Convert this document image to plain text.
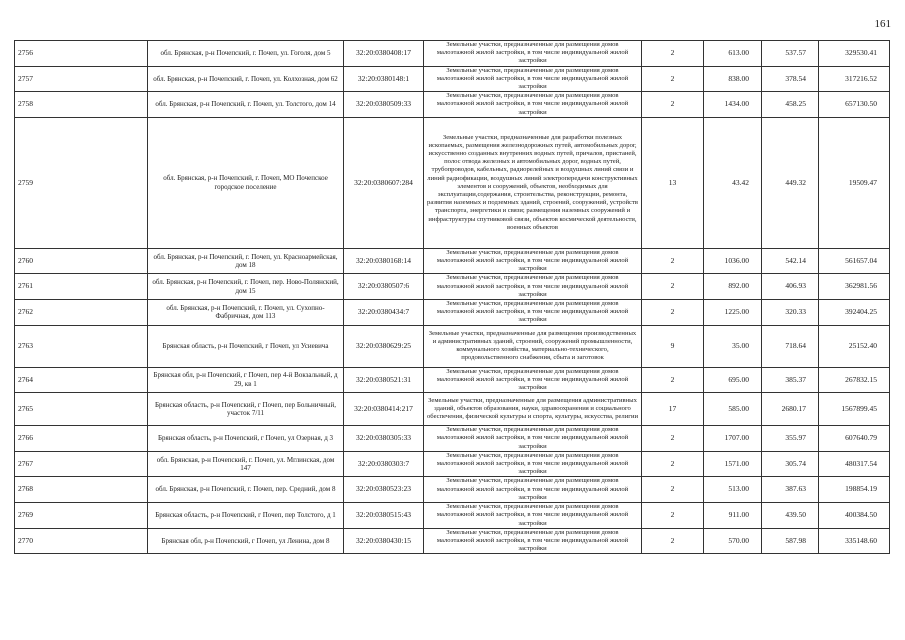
161
2756	обл. Брянская, р-н Почепский, г. Почеп, ул. Гоголя, дом 5	32:20:0380408:17	Земельные участки, предназначенные для размещения домов малоэтажной жилой застройки, в том числе индивидуальной жилой застройки	2	613.00	537.57	329530.41
2757	обл. Брянская, р-н Почепский, г. Почеп, ул. Колхозная, дом 62	32:20:0380148:1	Земельные участки, предназначенные для размещения домов малоэтажной жилой застройки, в том числе индивидуальной жилой застройки	2	838.00	378.54	317216.52
2758	обл. Брянская, р-н Почепский, г. Почеп, ул. Толстого, дом 14	32:20:0380509:33	Земельные участки, предназначенные для размещения домов малоэтажной жилой застройки, в том числе индивидуальной жилой застройки	2	1434.00	458.25	657130.50
2759	обл. Брянская, р-н Почепский, г. Почеп, МО Почепское городское поселение	32:20:0380607:284	Земельные участки, предназначенные для разработки полезных ископаемых, размещения железнодорожных путей, автомобильных дорог, искусственно созданных внутренних водных путей, причалов, пристаней, полос отвода железных и автомобильных дорог, водных путей, трубопроводов, кабельных, радиорелейных и воздушных линий связи и линий радиофикации, воздушных линий электропередачи конструктивных элементов и сооружений, объектов, необходимых для эксплуатации,содержания, строительства, реконструкции, ремонта, развития наземных и подземных зданий, строений, сооружений, устройств транспорта, энергетики и связи; размещения наземных сооружений и инфраструктуры спутниковой связи, объектов космической деятельности, военных объектов	13	43.42	449.32	19509.47
2760	обл. Брянская, р-н Почепский, г. Почеп, ул. Красноармейская, дом 18	32:20:0380168:14	Земельные участки, предназначенные для размещения домов малоэтажной жилой застройки, в том числе индивидуальной жилой застройки	2	1036.00	542.14	561657.04
2761	обл. Брянская, р-н Почепский, г. Почеп, пер. Ново-Полянский, дом 15	32:20:0380507:6	Земельные участки, предназначенные для размещения домов малоэтажной жилой застройки, в том числе индивидуальной жилой застройки	2	892.00	406.93	362981.56
2762	обл. Брянская, р-н Почепский, г. Почеп, ул. Сухопно-Фабричная, дом 113	32:20:0380434:7	Земельные участки, предназначенные для размещения домов малоэтажной жилой застройки, в том числе индивидуальной жилой застройки	2	1225.00	320.33	392404.25
2763	Брянская область, р-н Почепский, г Почеп, ул Усиевича	32:20:0380629:25	Земельные участки, предназначенные для размещения производственных и административных зданий, строений, сооружений промышленности, коммунального хозяйства, материально-технического, продовольственного снабжения, сбыта и заготовок	9	35.00	718.64	25152.40
2764	Брянская обл, р-н Почепский, г Почеп, пер 4-й Вокзальный, д 29, кв 1	32:20:0380521:31	Земельные участки, предназначенные для размещения домов малоэтажной жилой застройки, в том числе индивидуальной жилой застройки	2	695.00	385.37	267832.15
2765	Брянская область, р-н Почепский, г Почеп, пер Больничный, участок 7/11	32:20:0380414:217	Земельные участки, предназначенные для размещения административных зданий, объектов образования, науки, здравоохранения и социального обеспечения, физической культуры и спорта, культуры, искусства, религии	17	585.00	2680.17	1567899.45
2766	Брянская область, р-н Почепский, г Почеп, ул Озерная, д 3	32:20:0380305:33	Земельные участки, предназначенные для размещения домов малоэтажной жилой застройки, в том числе индивидуальной жилой застройки	2	1707.00	355.97	607640.79
2767	обл. Брянская, р-н Почепский, г. Почеп, ул. Мглинская, дом 147	32:20:0380303:7	Земельные участки, предназначенные для размещения домов малоэтажной жилой застройки, в том числе индивидуальной жилой застройки	2	1571.00	305.74	480317.54
2768	обл. Брянская, р-н Почепский, г. Почеп, пер. Средний, дом 8	32:20:0380523:23	Земельные участки, предназначенные для размещения домов малоэтажной жилой застройки, в том числе индивидуальной жилой застройки	2	513.00	387.63	198854.19
2769	Брянская область, р-н Почепский, г Почеп, пер Толстого, д 1	32:20:0380515:43	Земельные участки, предназначенные для размещения домов малоэтажной жилой застройки, в том числе индивидуальной жилой застройки	2	911.00	439.50	400384.50
2770	Брянская обл, р-н Почепский, г Почеп, ул Ленина, дом 8	32:20:0380430:15	Земельные участки, предназначенные для размещения домов малоэтажной жилой застройки, в том числе индивидуальной жилой застройки	2	570.00	587.98	335148.60
